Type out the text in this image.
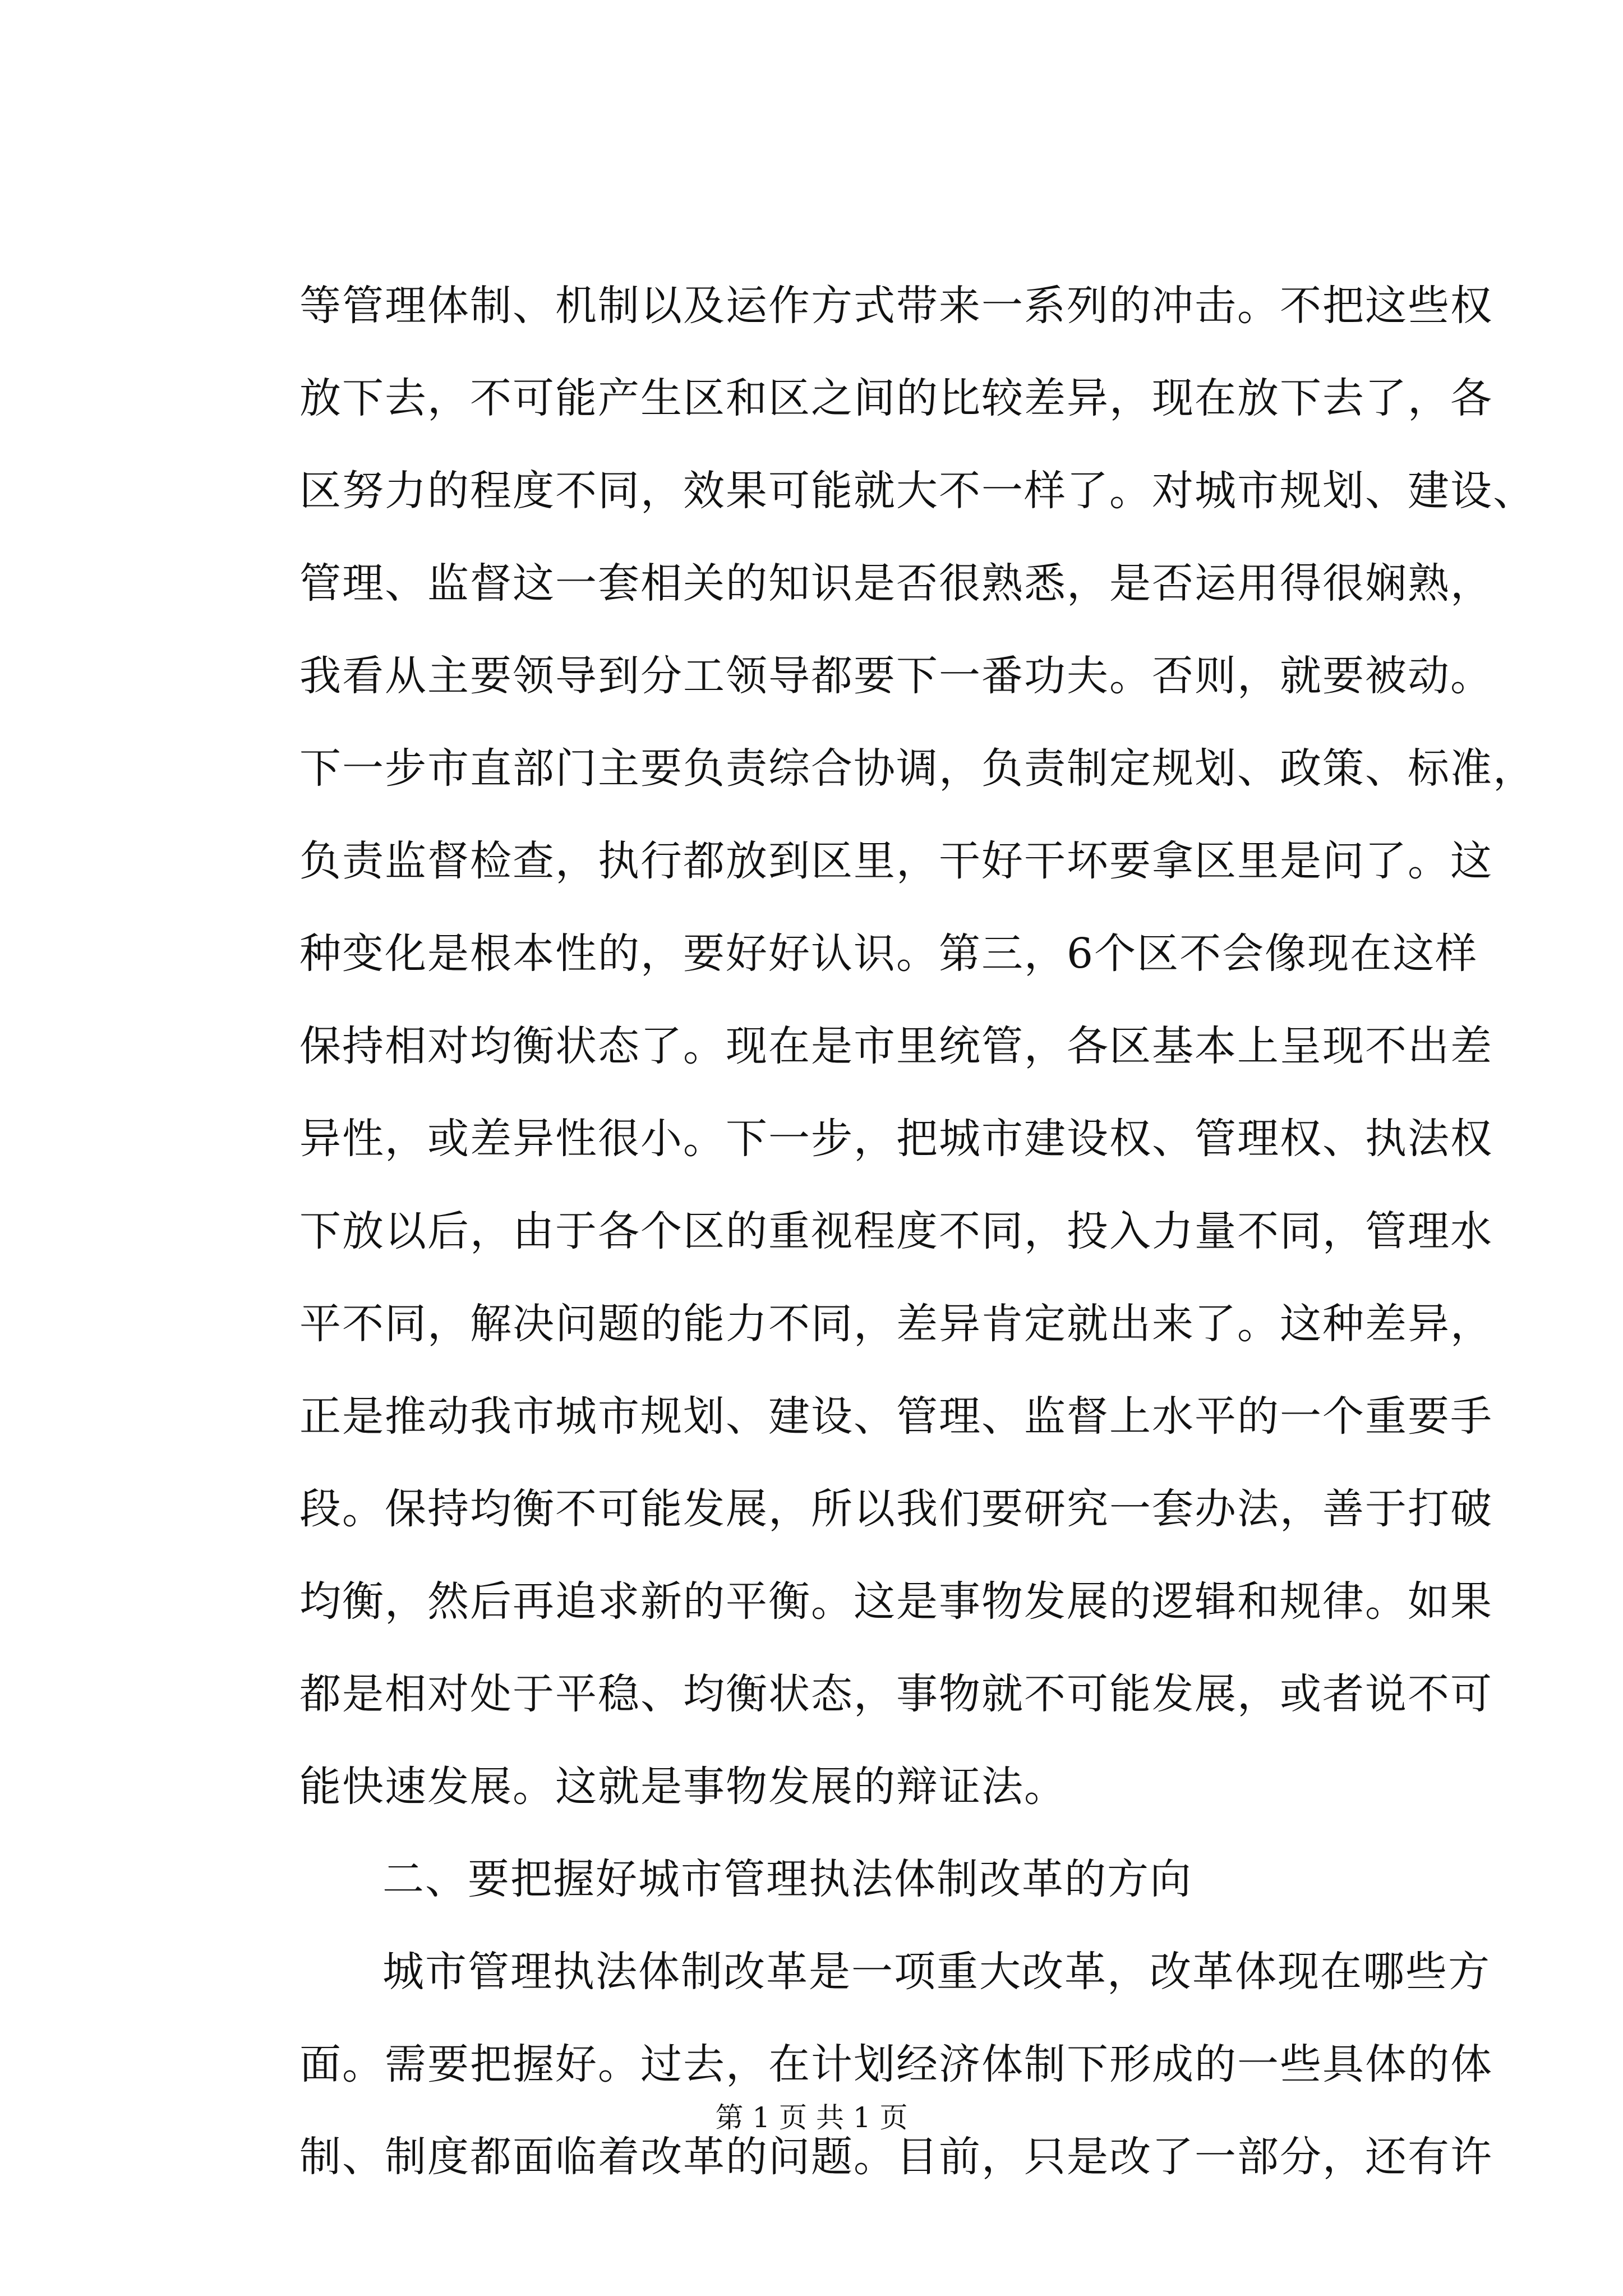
等管理体制、机制以及运作方式带来一系列的冲击。不把这些权
放下去，不可能产生区和区之间的比较差异，现在放下去了，各
区努力的程度不同，效果可能就大不一样了。对城市规划、建设、
管理、监督这一套相关的知识是否很熟悉，是否运用得很娴熟，
我看从主要领导到分工领导都要下一番功夫。否则，就要被动。
下一步市直部门主要负责综合协调，负责制定规划、政策、标准，
负责监督检查，执行都放到区里，干好干坏要拿区里是问了。这
种变化是根本性的，要好好认识。第三，6个区不会像现在这样
保持相对均衡状态了。现在是市里统管，各区基本上呈现不出差
异性，或差异性很小。下一步，把城市建设权、管理权、执法权
下放以后，由于各个区的重视程度不同，投入力量不同，管理水
平不同，解决问题的能力不同，差异肯定就出来了。这种差异，
正是推动我市城市规划、建设、管理、监督上水平的一个重要手
段。保持均衡不可能发展，所以我们要研究一套办法，善于打破
均衡，然后再追求新的平衡。这是事物发展的逻辑和规律。如果
都是相对处于平稳、均衡状态，事物就不可能发展，或者说不可
能快速发展。这就是事物发展的辩证法。
二、要把握好城市管理执法体制改革的方向
城市管理执法体制改革是一项重大改革，改革体现在哪些方
面。需要把握好。过去，在计划经济体制下形成的一些具体的体
制、制度都面临着改革的问题。目前，只是改了一部分，还有许
第 1 页 共 1 页
